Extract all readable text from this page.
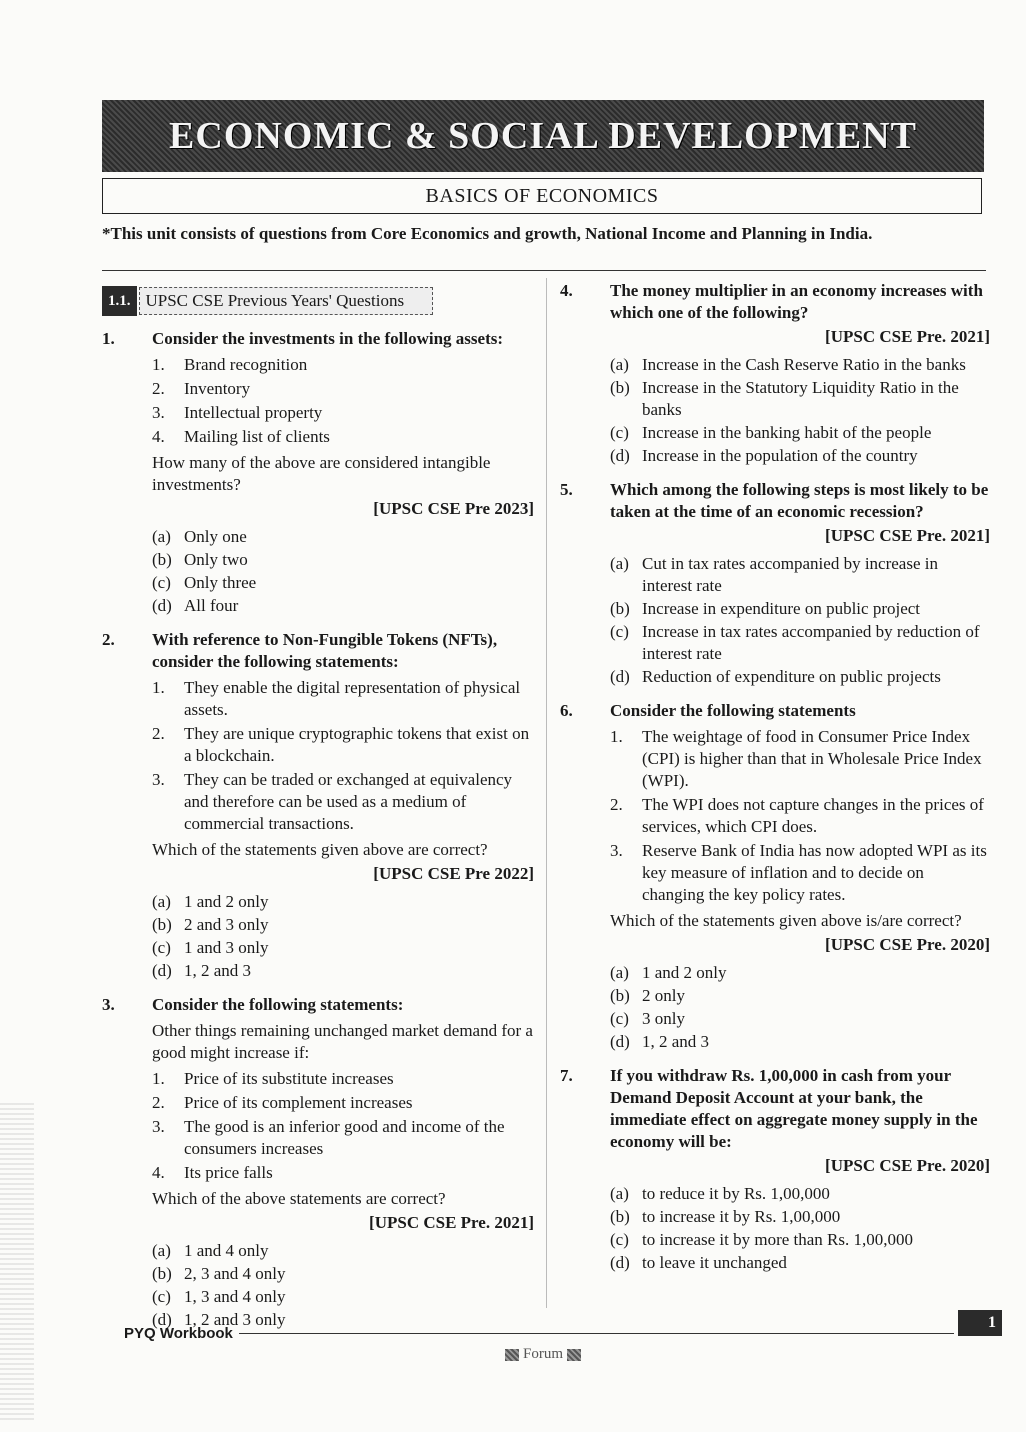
ECONOMIC & SOCIAL DEVELOPMENT
BASICS OF ECONOMICS
*This unit consists of questions from Core Economics and growth, National Income and Planning in India.
1.1. UPSC CSE Previous Years' Questions
1. Consider the investments in the following assets:
1. Brand recognition
2. Inventory
3. Intellectual property
4. Mailing list of clients
How many of the above are considered intangible investments?
[UPSC CSE Pre 2023]
(a) Only one
(b) Only two
(c) Only three
(d) All four
2. With reference to Non-Fungible Tokens (NFTs), consider the following statements:
1. They enable the digital representation of physical assets.
2. They are unique cryptographic tokens that exist on a blockchain.
3. They can be traded or exchanged at equivalency and therefore can be used as a medium of commercial transactions.
Which of the statements given above are correct?
[UPSC CSE Pre 2022]
(a) 1 and 2 only
(b) 2 and 3 only
(c) 1 and 3 only
(d) 1, 2 and 3
3. Consider the following statements:
Other things remaining unchanged market demand for a good might increase if:
1. Price of its substitute increases
2. Price of its complement increases
3. The good is an inferior good and income of the consumers increases
4. Its price falls
Which of the above statements are correct?
[UPSC CSE Pre. 2021]
(a) 1 and 4 only
(b) 2, 3 and 4 only
(c) 1, 3 and 4 only
(d) 1, 2 and 3 only
4. The money multiplier in an economy increases with which one of the following?
[UPSC CSE Pre. 2021]
(a) Increase in the Cash Reserve Ratio in the banks
(b) Increase in the Statutory Liquidity Ratio in the banks
(c) Increase in the banking habit of the people
(d) Increase in the population of the country
5. Which among the following steps is most likely to be taken at the time of an economic recession?
[UPSC CSE Pre. 2021]
(a) Cut in tax rates accompanied by increase in interest rate
(b) Increase in expenditure on public project
(c) Increase in tax rates accompanied by reduction of interest rate
(d) Reduction of expenditure on public projects
6. Consider the following statements
1. The weightage of food in Consumer Price Index (CPI) is higher than that in Wholesale Price Index (WPI).
2. The WPI does not capture changes in the prices of services, which CPI does.
3. Reserve Bank of India has now adopted WPI as its key measure of inflation and to decide on changing the key policy rates.
Which of the statements given above is/are correct?
[UPSC CSE Pre. 2020]
(a) 1 and 2 only
(b) 2 only
(c) 3 only
(d) 1, 2 and 3
7. If you withdraw Rs. 1,00,000 in cash from your Demand Deposit Account at your bank, the immediate effect on aggregate money supply in the economy will be:
[UPSC CSE Pre. 2020]
(a) to reduce it by Rs. 1,00,000
(b) to increase it by Rs. 1,00,000
(c) to increase it by more than Rs. 1,00,000
(d) to leave it unchanged
PYQ Workbook
1
Forum
